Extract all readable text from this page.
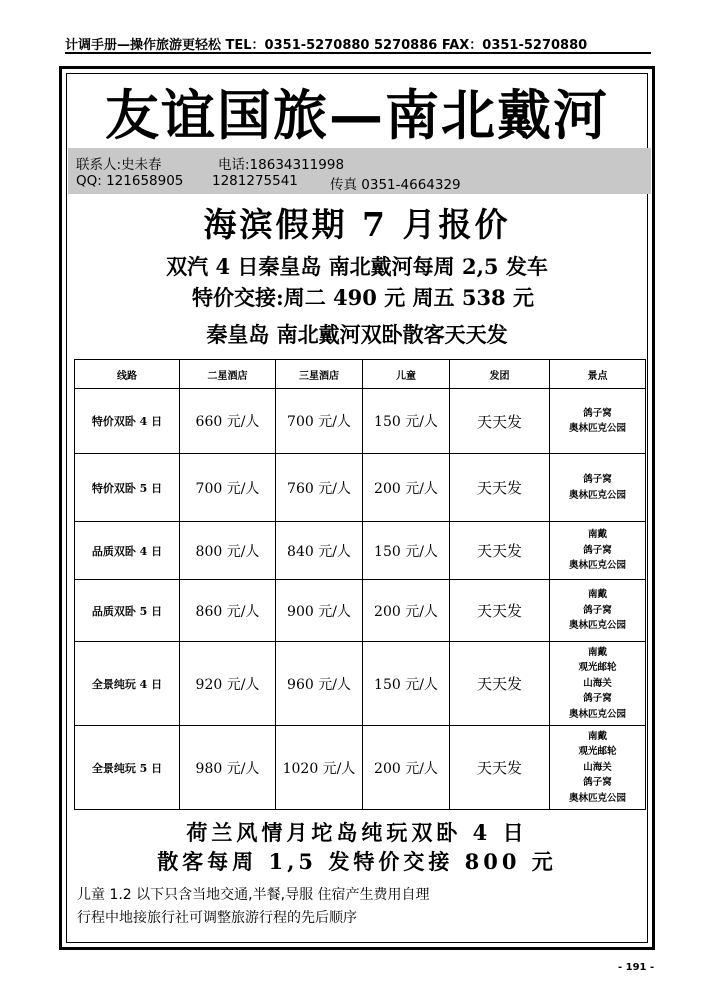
计调手册—操作旅游更轻松 TEL：0351-5270880 5270886 FAX：0351-5270880
友谊国旅—南北戴河
联系人:史未春	电话:18634311998
QQ: 121658905 1281275541 传真 0351-4664329
海滨假期 7 月报价
双汽 4 日秦皇岛 南北戴河每周 2,5 发车
特价交接:周二 490 元 周五 538 元
秦皇岛 南北戴河双卧散客天天发
线路	二星酒店	三星酒店	儿童	发团	景点
特价双卧 4 日	660 元/人	700 元/人	150 元/人	天天发	鸽子窝
奥林匹克公园

特价双卧 5 日	700 元/人	760 元/人	200 元/人	天天发	鸽子窝
奥林匹克公园

品质双卧 4 日	800 元/人	840 元/人	150 元/人	天天发	南戴
鸽子窝
奥林匹克公园

品质双卧 5 日	860 元/人	900 元/人	200 元/人	天天发	南戴
鸽子窝
奥林匹克公园

全景纯玩 4 日	920 元/人	960 元/人	150 元/人	天天发	南戴
观光邮轮
山海关
鸽子窝
奥林匹克公园

全景纯玩 5 日	980 元/人	1020 元/人	200 元/人	天天发	南戴
观光邮轮
山海关
鸽子窝
奥林匹克公园
荷兰风情月坨岛纯玩双卧 4 日
散客每周 1,5 发特价交接 800 元
儿童 1.2 以下只含当地交通,半餐,导服 住宿产生费用自理
行程中地接旅行社可调整旅游行程的先后顺序
- 191 -
